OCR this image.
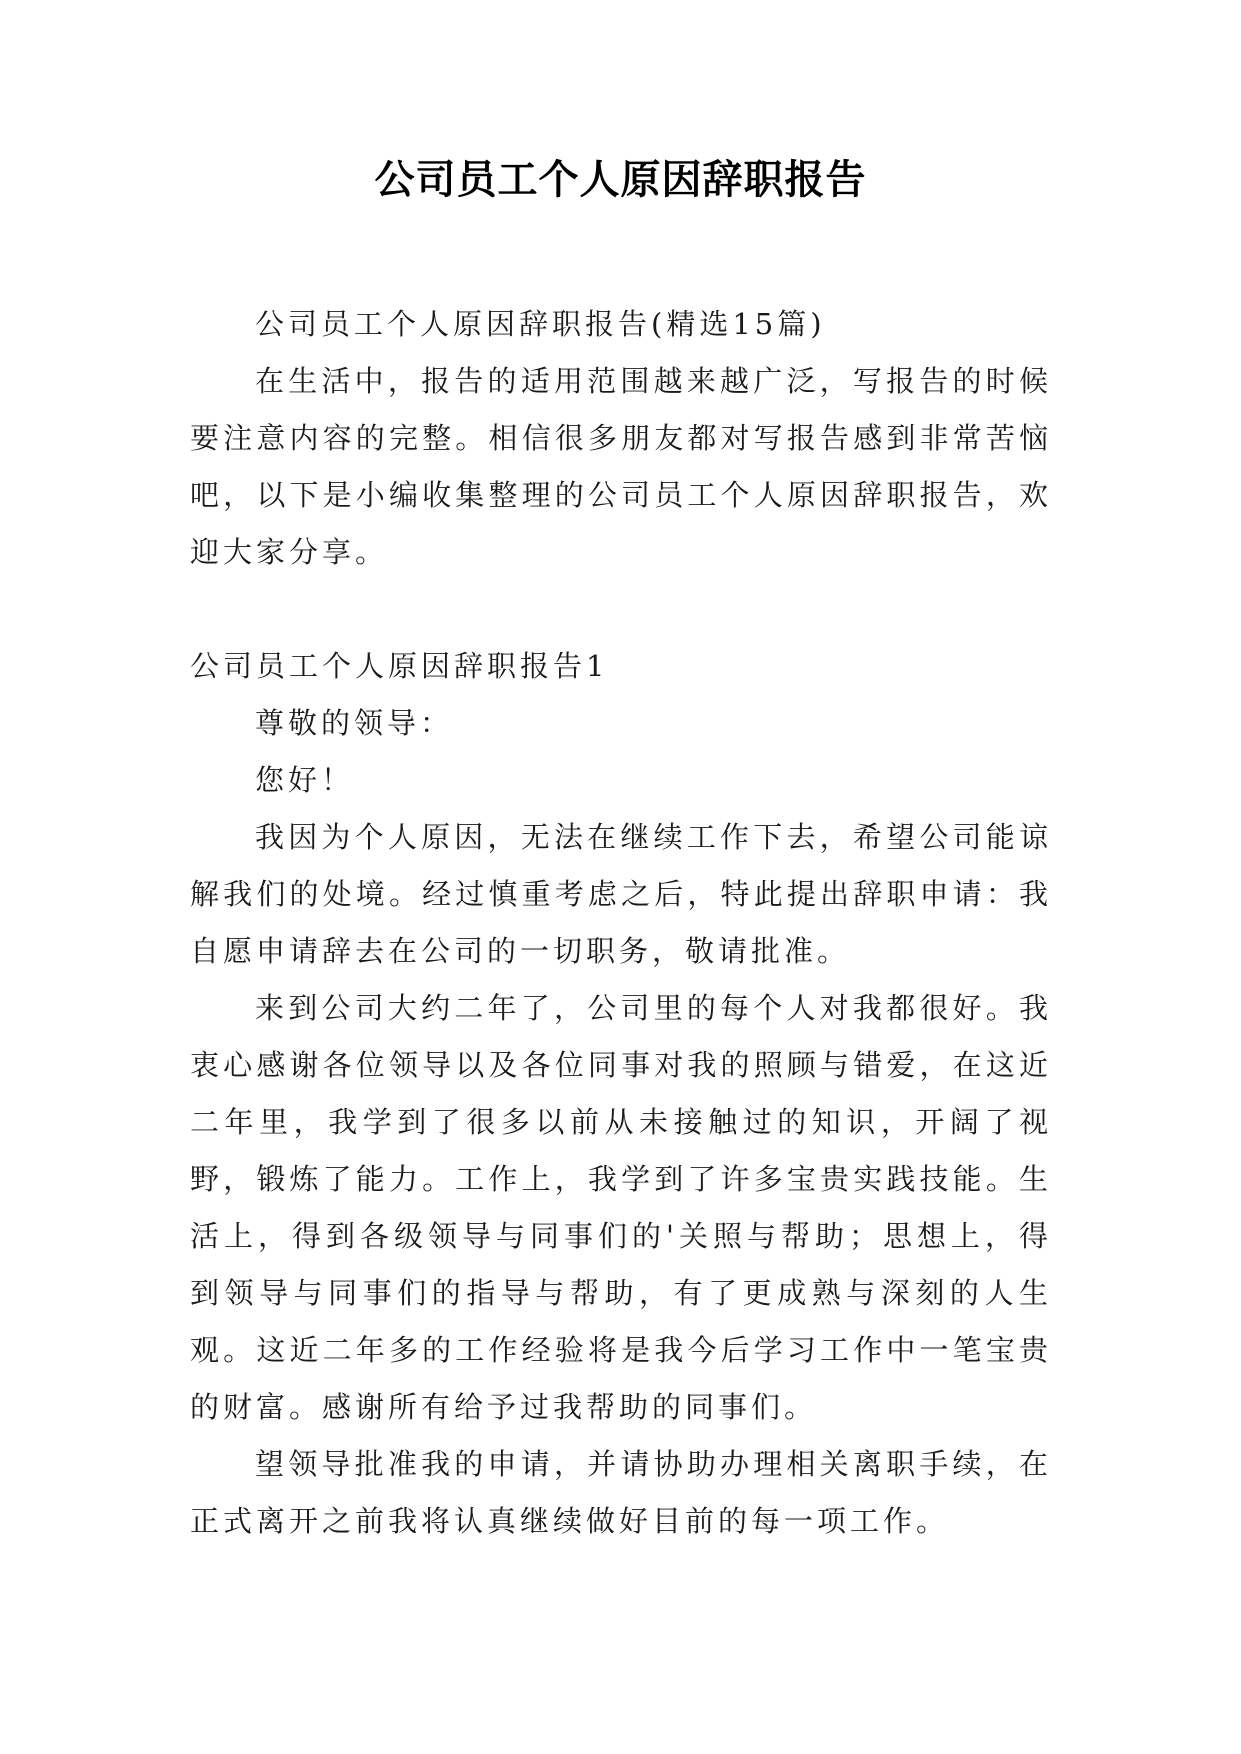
公司员工个人原因辞职报告

公司员工个人原因辞职报告(精选15篇)

在生活中，报告的适用范围越来越广泛，写报告的时候要注意内容的完整。相信很多朋友都对写报告感到非常苦恼吧，以下是小编收集整理的公司员工个人原因辞职报告，欢迎大家分享。

公司员工个人原因辞职报告1

尊敬的领导：

您好！

我因为个人原因，无法在继续工作下去，希望公司能谅解我们的处境。经过慎重考虑之后，特此提出辞职申请：我自愿申请辞去在公司的一切职务，敬请批准。

来到公司大约二年了，公司里的每个人对我都很好。我衷心感谢各位领导以及各位同事对我的照顾与错爱，在这近二年里，我学到了很多以前从未接触过的知识，开阔了视野，锻炼了能力。工作上，我学到了许多宝贵实践技能。生活上，得到各级领导与同事们的'关照与帮助；思想上，得到领导与同事们的指导与帮助，有了更成熟与深刻的人生观。这近二年多的工作经验将是我今后学习工作中一笔宝贵的财富。感谢所有给予过我帮助的同事们。

望领导批准我的申请，并请协助办理相关离职手续，在正式离开之前我将认真继续做好目前的每一项工作。
